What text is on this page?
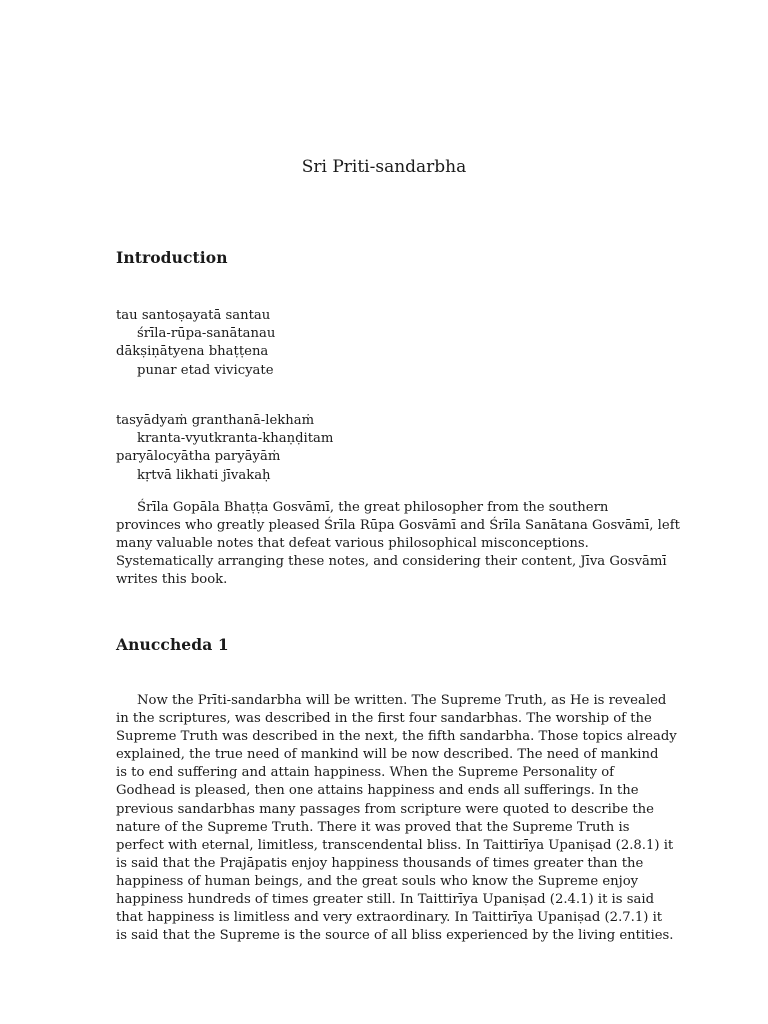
Sri Priti-sandarbha
Introduction
tau santoṣayatā santau
śrīla-rūpa-sanātanau
dākṣiṇātyena bhaṭṭena
punar etad vivicyate
tasyādyaṁ granthanā-lekhaṁ
kranta-vyutkranta-khaṇḍitam
paryālocyātha paryāyāṁ
kṛtvā likhati jīvakaḥ

Śrīla Gopāla Bhaṭṭa Gosvāmī, the great philosopher from the southern
provinces who greatly pleased Śrīla Rūpa Gosvāmī and Śrīla Sanātana Gosvāmī, left
many valuable notes that defeat various philosophical misconceptions.
Systematically arranging these notes, and considering their content, Jīva Gosvāmī
writes this book.

Anuccheda 1

Now the Prīti-sandarbha will be written. The Supreme Truth, as He is revealed
in the scriptures, was described in the first four sandarbhas. The worship of the
Supreme Truth was described in the next, the fifth sandarbha. Those topics already
explained, the true need of mankind will be now described. The need of mankind
is to end suffering and attain happiness. When the Supreme Personality of
Godhead is pleased, then one attains happiness and ends all sufferings. In the
previous sandarbhas many passages from scripture were quoted to describe the
nature of the Supreme Truth. There it was proved that the Supreme Truth is
perfect with eternal, limitless, transcendental bliss. In Taittirīya Upaniṣad (2.8.1) it
is said that the Prajāpatis enjoy happiness thousands of times greater than the
happiness of human beings, and the great souls who know the Supreme enjoy
happiness hundreds of times greater still. In Taittirīya Upaniṣad (2.4.1) it is said
that happiness is limitless and very extraordinary. In Taittirīya Upaniṣad (2.7.1) it
is said that the Supreme is the source of all bliss experienced by the living entities.
